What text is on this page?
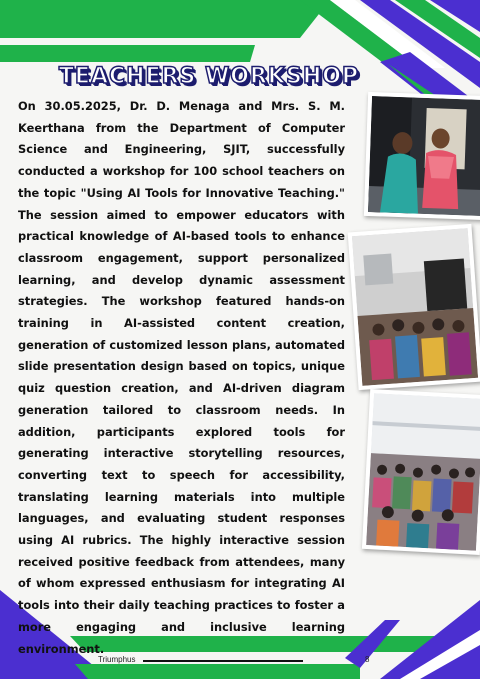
TEACHERS WORKSHOP

On 30.05.2025, Dr. D. Menaga and Mrs. S. M. Keerthana from the Department of Computer Science and Engineering, SJIT, successfully conducted a workshop for 100 school teachers on the topic "Using AI Tools for Innovative Teaching." The session aimed to empower educators with practical knowledge of AI-based tools to enhance classroom engagement, support personalized learning, and develop dynamic assessment strategies. The workshop featured hands-on training in AI-assisted content creation, generation of customized lesson plans, automated slide presentation design based on topics, unique quiz question creation, and AI-driven diagram generation tailored to classroom needs. In addition, participants explored tools for generating interactive storytelling resources, converting text to speech for accessibility, translating learning materials into multiple languages, and evaluating student responses using AI rubrics. The highly interactive session received positive feedback from attendees, many of whom expressed enthusiasm for integrating AI tools into their daily teaching practices to foster a more engaging and inclusive learning environment.

Triumphus	8
